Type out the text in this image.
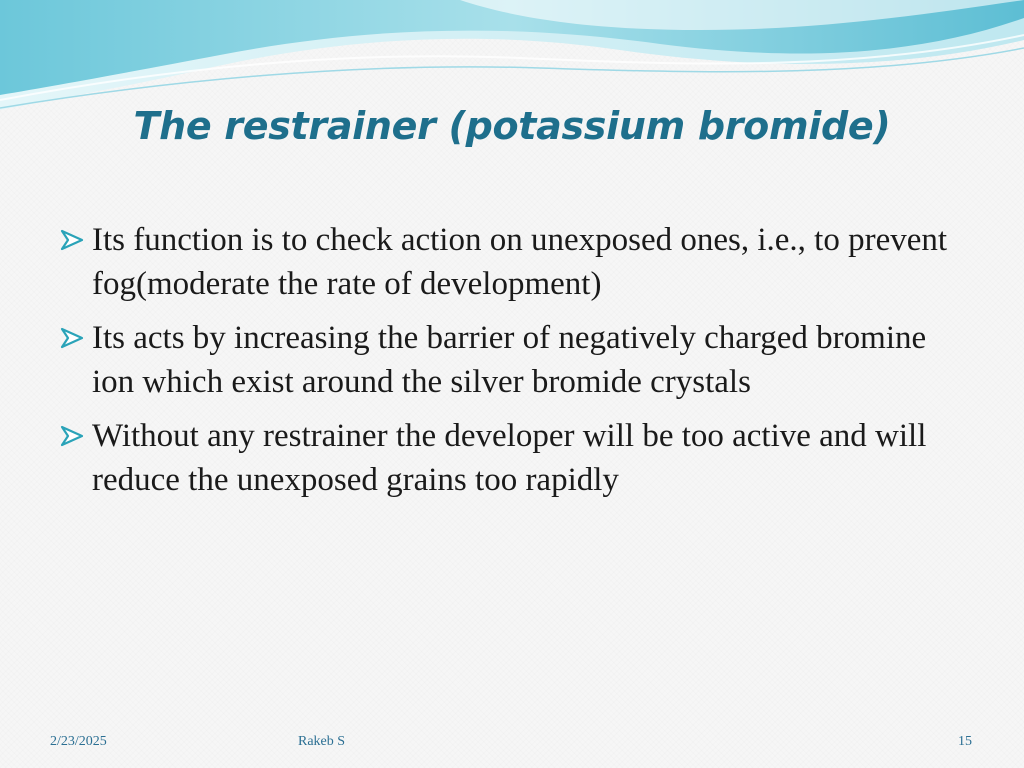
The restrainer (potassium bromide)
Its function is to check action on unexposed ones, i.e., to prevent fog(moderate the rate of development)
Its acts by increasing the barrier of negatively charged bromine ion which exist around the silver bromide crystals
Without any restrainer the developer will be too active and will reduce the unexposed grains too rapidly
2/23/2025	Rakeb S	15
